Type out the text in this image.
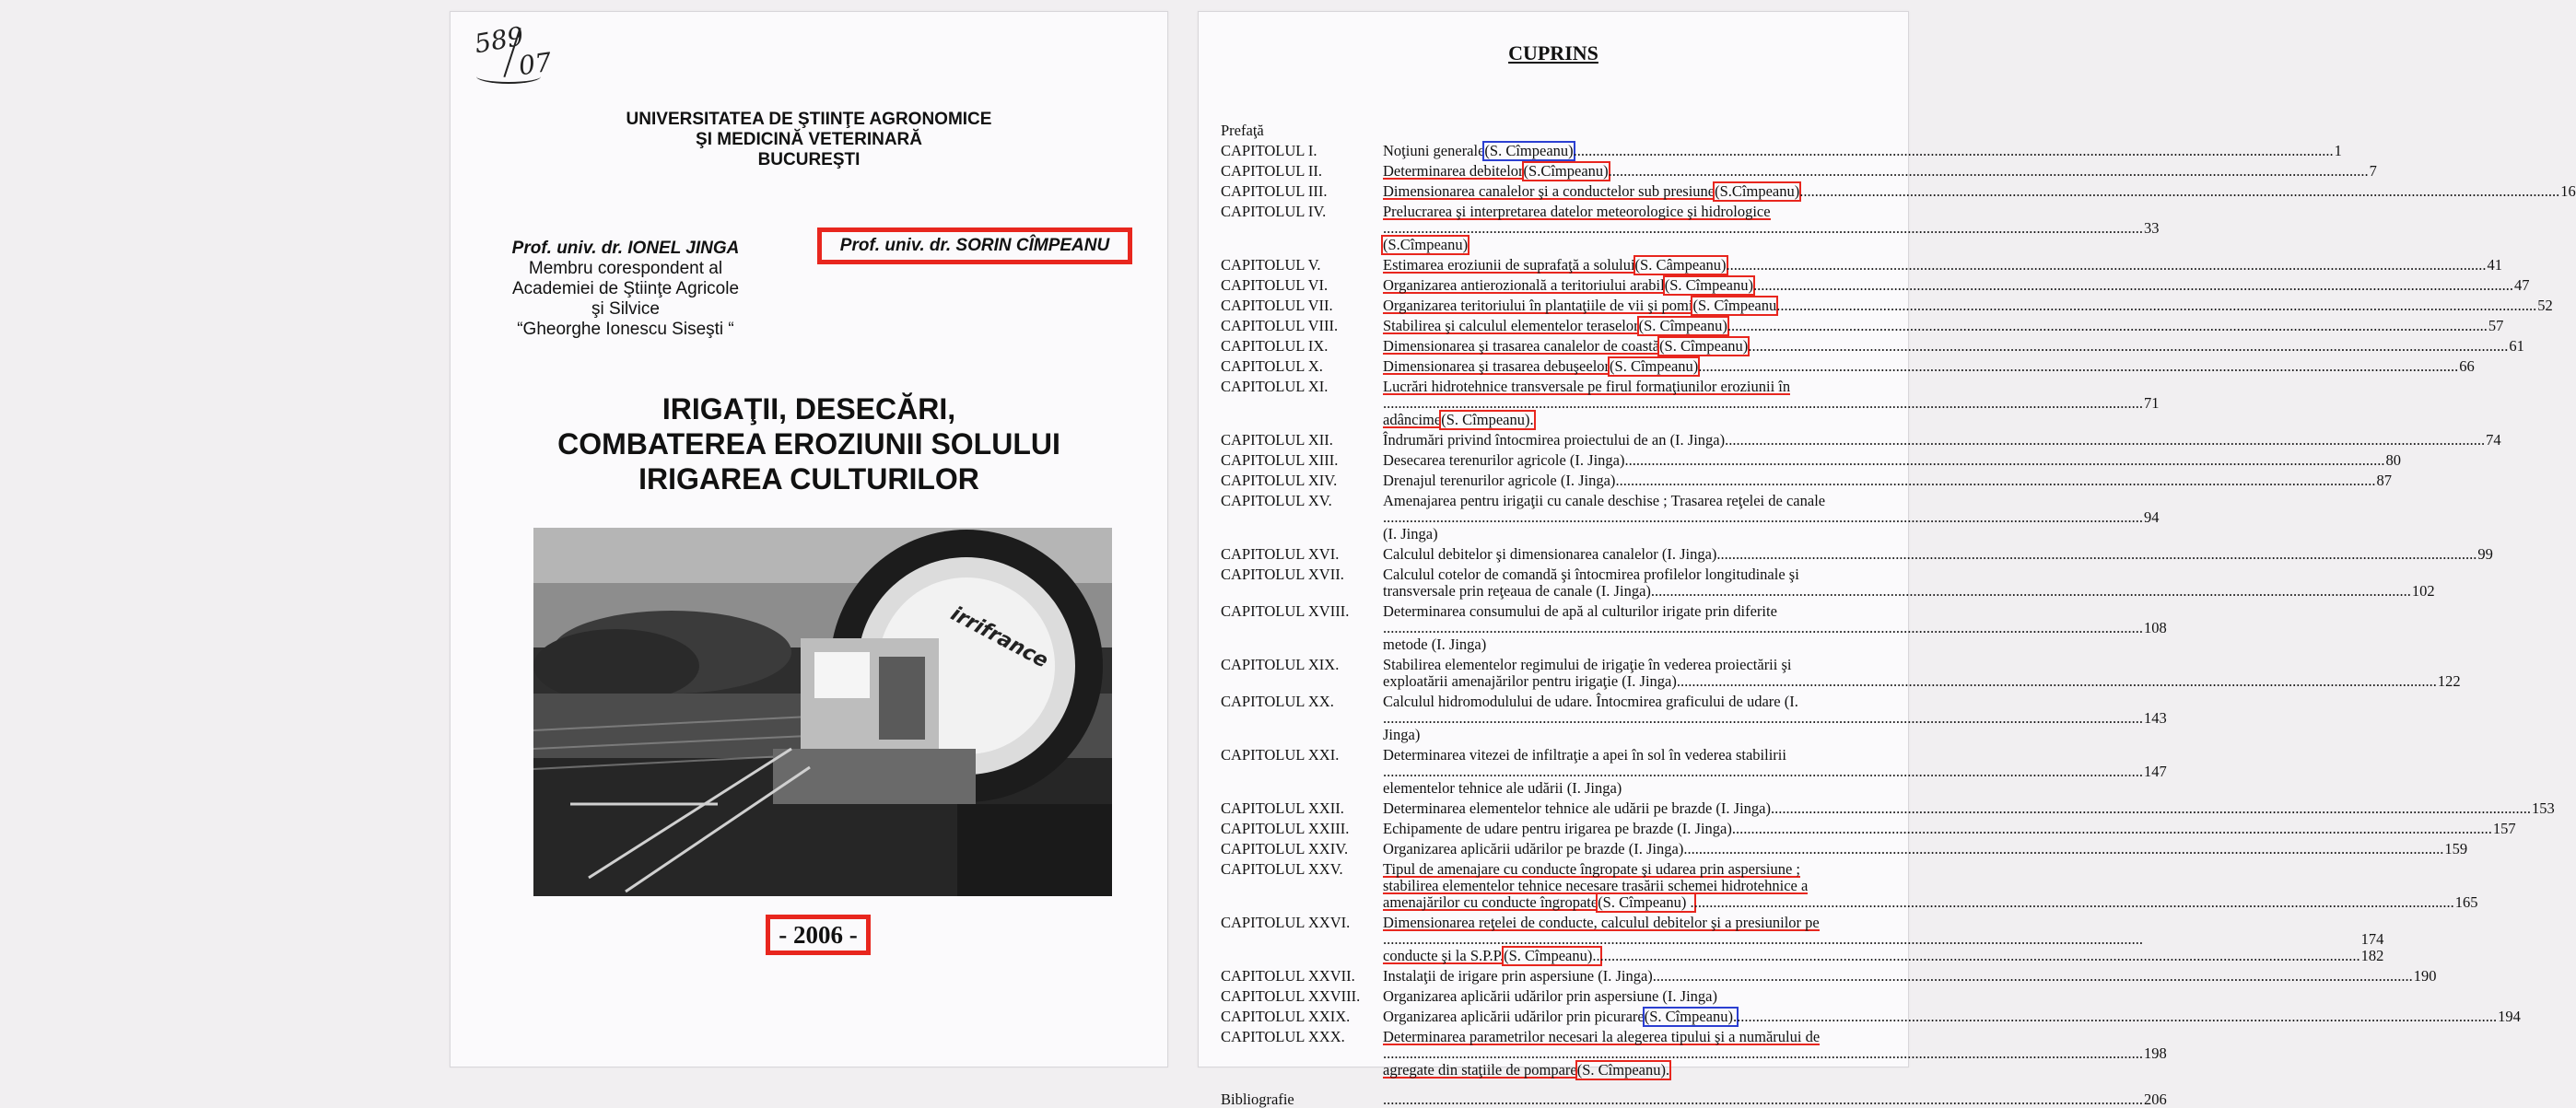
589
07
UNIVERSITATEA DE ŞTIINŢE AGRONOMICE
ŞI MEDICINĂ VETERINARĂ
BUCUREŞTI
Prof. univ. dr. IONEL JINGA
Membru corespondent al
Academiei de Ştiinţe Agricole
şi Silvice
“Gheorghe Ionescu Siseşti “
Prof. univ. dr. SORIN CÎMPEANU
IRIGAŢII, DESECĂRI,
COMBATEREA EROZIUNII SOLULUI
IRIGAREA CULTURILOR
irrifrance
- 2006 -
CUPRINS
Prefaţă
CAPITOLUL I.	Noţiuni generale (S. Cîmpeanu) ........................................................................................................................................................................................................ 1
CAPITOLUL II.	Determinarea debitelor (S.Cîmpeanu) ........................................................................................................................................................................................................ 7
CAPITOLUL III.	Dimensionarea canalelor şi a conductelor sub presiune (S.Cîmpeanu) ........................................................................................................................................................................................................ 16
CAPITOLUL IV.	Prelucrarea şi interpretarea datelor meteorologice şi hidrologice
........................................................................................................................................................................................................ 33
(S.Cîmpeanu)
CAPITOLUL V.	Estimarea eroziunii de suprafaţă a solului (S. Câmpeanu) ........................................................................................................................................................................................................ 41
CAPITOLUL VI.	Organizarea antierozională a teritoriului arabil (S. Cîmpeanu) ........................................................................................................................................................................................................ 47
CAPITOLUL VII.	Organizarea teritoriului în plantaţiile de vii şi pomi (S. Cîmpeanu ........................................................................................................................................................................................................ 52
CAPITOLUL VIII.	Stabilirea şi calculul elementelor teraselor (S. Cîmpeanu) ........................................................................................................................................................................................................ 57
CAPITOLUL IX.	Dimensionarea şi trasarea canalelor de coastă (S. Cîmpeanu) ........................................................................................................................................................................................................ 61
CAPITOLUL X.	Dimensionarea şi trasarea debuşeelor (S. Cîmpeanu) ........................................................................................................................................................................................................ 66
CAPITOLUL XI.	Lucrări hidrotehnice transversale pe firul formaţiunilor eroziunii în
........................................................................................................................................................................................................ 71
adâncime (S. Cîmpeanu).
CAPITOLUL XII.	Îndrumări privind întocmirea proiectului de an (I. Jinga) ........................................................................................................................................................................................................ 74
CAPITOLUL XIII.	Desecarea terenurilor agricole (I. Jinga) ........................................................................................................................................................................................................ 80
CAPITOLUL XIV.	Drenajul terenurilor agricole (I. Jinga) ........................................................................................................................................................................................................ 87
CAPITOLUL XV.	Amenajarea pentru irigaţii cu canale deschise ; Trasarea reţelei de canale
........................................................................................................................................................................................................ 94
(I. Jinga)
CAPITOLUL XVI.	Calculul debitelor şi dimensionarea canalelor (I. Jinga) ........................................................................................................................................................................................................ 99
CAPITOLUL XVII.	Calculul cotelor de comandă şi întocmirea profilelor longitudinale şi
transversale prin reţeaua de canale (I. Jinga) ........................................................................................................................................................................................................ 102
CAPITOLUL XVIII.	Determinarea consumului de apă al culturilor irigate prin diferite
........................................................................................................................................................................................................ 108
metode (I. Jinga)
CAPITOLUL XIX.	Stabilirea elementelor regimului de irigaţie în vederea proiectării şi
exploatării amenajărilor pentru irigaţie (I. Jinga) ........................................................................................................................................................................................................ 122
CAPITOLUL XX.	Calculul hidromodulului de udare. Întocmirea graficului de udare (I.
........................................................................................................................................................................................................ 143
Jinga)
CAPITOLUL XXI.	Determinarea vitezei de infiltraţie a apei în sol în vederea stabilirii
........................................................................................................................................................................................................ 147
elementelor tehnice ale udării (I. Jinga)
CAPITOLUL XXII.	Determinarea elementelor tehnice ale udării pe brazde (I. Jinga) ........................................................................................................................................................................................................ 153
CAPITOLUL XXIII.	Echipamente de udare pentru irigarea pe brazde (I. Jinga) ........................................................................................................................................................................................................ 157
CAPITOLUL XXIV.	Organizarea aplicării udărilor pe brazde (I. Jinga) ........................................................................................................................................................................................................ 159
CAPITOLUL XXV.	Tipul de amenajare cu conducte îngropate şi udarea prin aspersiune ;
stabilirea elementelor tehnice necesare trasării schemei hidrotehnice a
amenajărilor cu conducte îngropate (S. Cîmpeanu) . ........................................................................................................................................................................................................ 165
CAPITOLUL XXVI.	Dimensionarea reţelei de conducte, calculul debitelor şi a presiunilor pe
........................................................................................................................................................................................................	174
conducte şi la S.P.P. (S. Cîmpeanu).. ........................................................................................................................................................................................................ 182
CAPITOLUL XXVII.	Instalaţii de irigare prin aspersiune (I. Jinga) ........................................................................................................................................................................................................ 190
CAPITOLUL XXVIII.	Organizarea aplicării udărilor prin aspersiune (I. Jinga)
CAPITOLUL XXIX.	Organizarea aplicării udărilor prin picurare (S. Cîmpeanu). ........................................................................................................................................................................................................ 194
CAPITOLUL XXX.	Determinarea parametrilor necesari la alegerea tipului şi a numărului de
........................................................................................................................................................................................................ 198
agregate din staţiile de pompare (S. Cîmpeanu).
Bibliografie	........................................................................................................................................................................................................ 206
